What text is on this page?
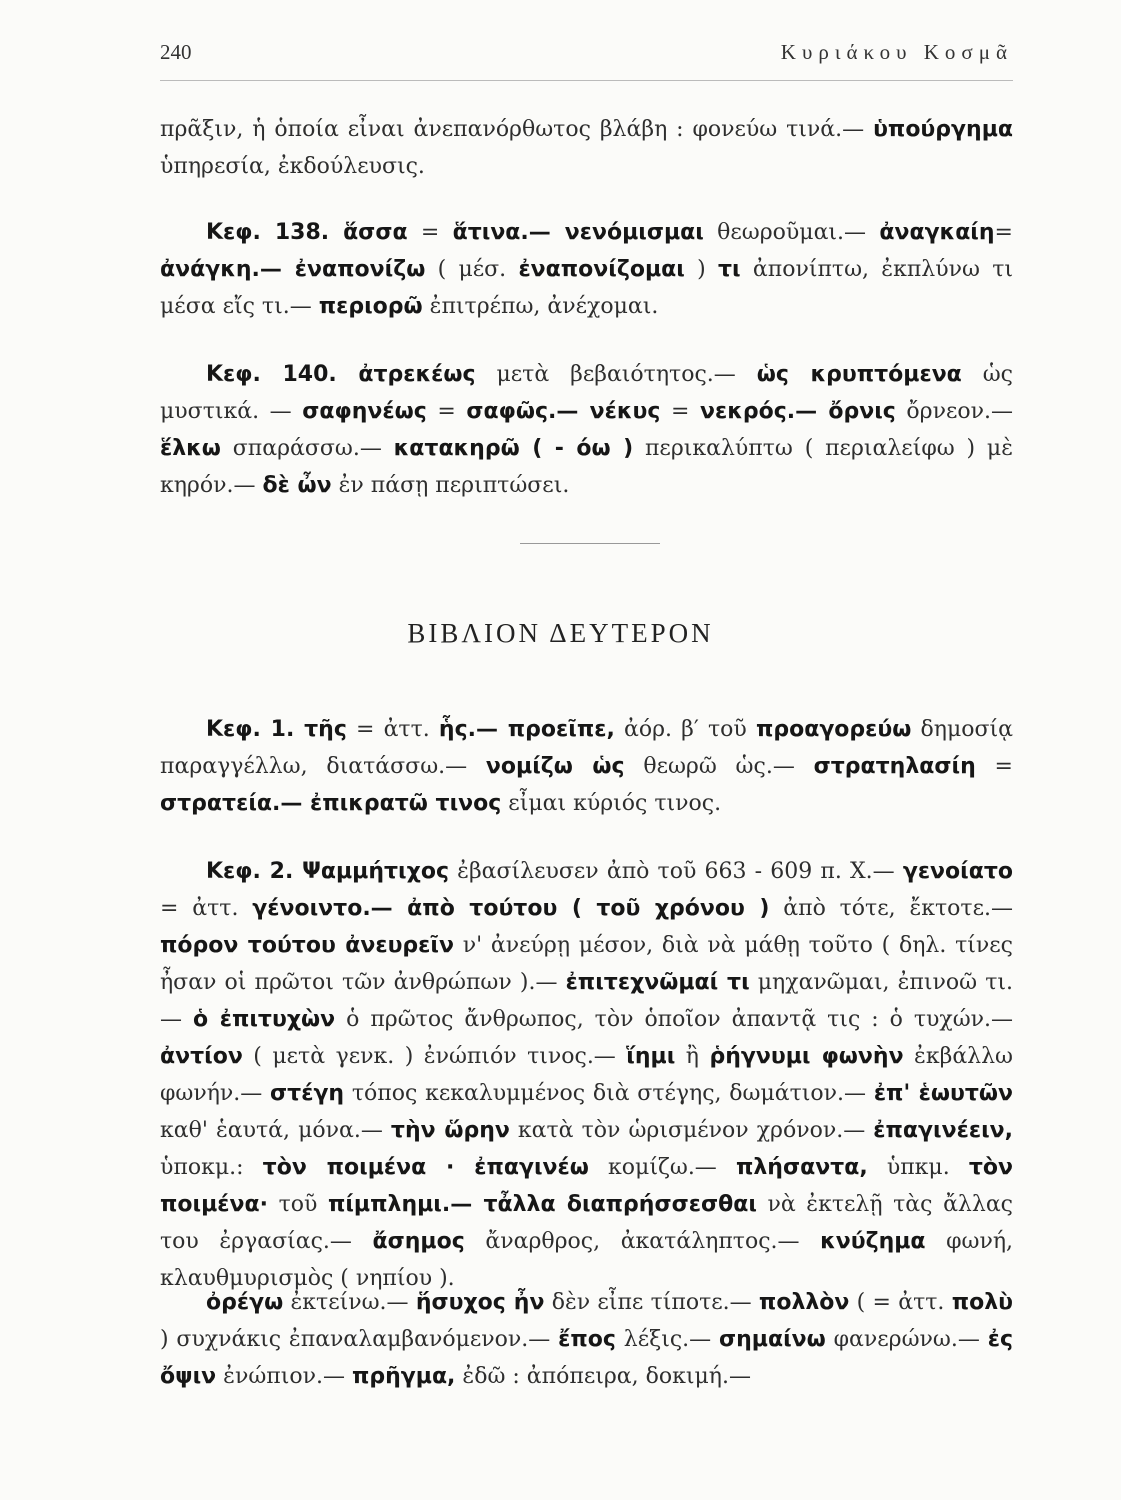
240	Κυριάκου Κοσμᾶ

πρᾶξιν, ἡ ὁποία εἶναι ἀνεπανόρθωτος βλάβη : φονεύω τινά.— ὑπούργημα ὑπηρεσία, ἐκδούλευσις.

Κεφ. 138. ἅσσα = ἅτινα.— νενόμισμαι θεωροῦμαι.— ἀναγκαίη= ἀνάγκη.— ἐναπονίζω ( μέσ. ἐναπονίζομαι ) τι ἀπονίπτω, ἐκπλύνω τι μέσα εἴς τι.— περιορῶ ἐπιτρέπω, ἀνέχομαι.

Κεφ. 140. ἀτρεκέως μετὰ βεβαιότητος.— ὡς κρυπτόμενα ὡς μυστικά. — σαφηνέως = σαφῶς.— νέκυς = νεκρός.— ὄρνις ὄρνεον.— ἕλκω σπαράσσω.— κατακηρῶ ( - όω ) περικαλύπτω ( περιαλείφω ) μὲ κηρόν.— δὲ ὦν ἐν πάσῃ περιπτώσει.

ΒΙΒΛΙΟΝ ΔΕΥΤΕΡΟΝ

Κεφ. 1. τῆς = ἀττ. ἧς.— προεῖπε, ἀόρ. β′ τοῦ προαγορεύω δημοσίᾳ παραγγέλλω, διατάσσω.— νομίζω ὡς θεωρῶ ὡς.— στρατηλασίη = στρατεία.— ἐπικρατῶ τινος εἶμαι κύριός τινος.

Κεφ. 2. Ψαμμήτιχος ἐβασίλευσεν ἀπὸ τοῦ 663 - 609 π. Χ.— γενοίατο = ἀττ. γένοιντο.— ἀπὸ τούτου ( τοῦ χρόνου ) ἀπὸ τότε, ἔκτοτε.— πόρον τούτου ἀνευρεῖν ν' ἀνεύρῃ μέσον, διὰ νὰ μάθῃ τοῦτο ( δηλ. τίνες ἦσαν οἱ πρῶτοι τῶν ἀνθρώπων ).— ἐπιτεχνῶμαί τι μηχανῶμαι, ἐπινοῶ τι.— ὁ ἐπιτυχὼν ὁ πρῶτος ἄνθρωπος, τὸν ὁποῖον ἀπαντᾷ τις : ὁ τυχών.— ἀντίον ( μετὰ γενκ. ) ἐνώπιόν τινος.— ἵημι ἢ ῥήγνυμι φωνὴν ἐκβάλλω φωνήν.— στέγη τόπος κεκαλυμμένος διὰ στέγης, δωμάτιον.— ἐπ' ἑωυτῶν καθ' ἑαυτά, μόνα.— τὴν ὥρην κατὰ τὸν ὡρισμένον χρόνον.— ἐπαγινέειν, ὑποκμ.: τὸν ποιμένα · ἐπαγινέω κομίζω.— πλήσαντα, ὑπκμ. τὸν ποιμένα· τοῦ πίμπλημι.— τἆλλα διαπρήσσεσθαι νὰ ἐκτελῇ τὰς ἄλλας του ἐργασίας.— ἄσημος ἄναρθρος, ἀκατάληπτος.— κνύζημα φωνή, κλαυθμυρισμὸς ( νηπίου ).

ὀρέγω ἐκτείνω.— ἥσυχος ἦν δὲν εἶπε τίποτε.— πολλὸν ( = ἀττ. πολὺ ) συχνάκις ἐπαναλαμβανόμενον.— ἔπος λέξις.— σημαίνω φανερώνω.— ἐς ὄψιν ἐνώπιον.— πρῆγμα, ἐδῶ : ἀπόπειρα, δοκιμή.—
